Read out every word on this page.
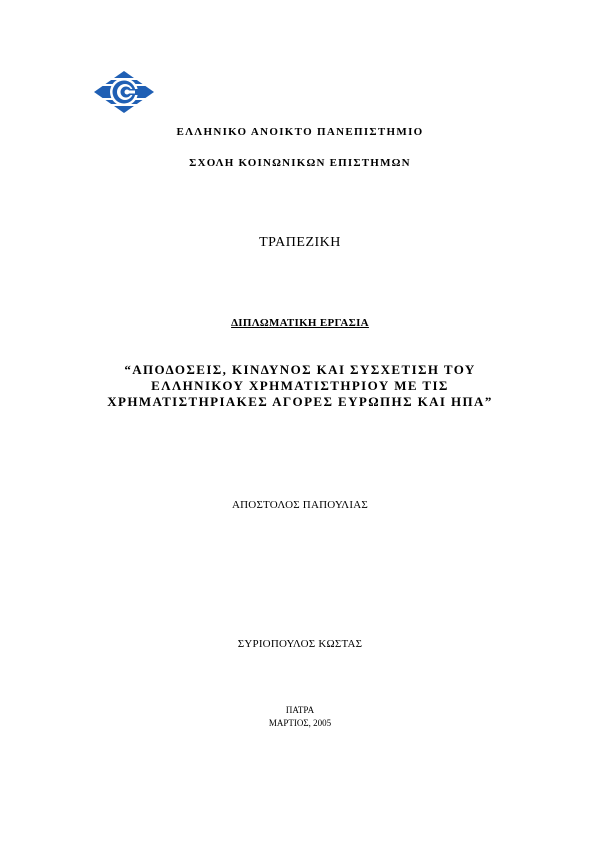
ΕΛΛΗΝΙΚΟ ΑΝΟΙΚΤΟ ΠΑΝΕΠΙΣΤΗΜΙΟ
ΣΧΟΛΗ ΚΟΙΝΩΝΙΚΩΝ ΕΠΙΣΤΗΜΩΝ
ΤΡΑΠΕΖΙΚΗ
ΔΙΠΛΩΜΑΤΙΚΗ ΕΡΓΑΣΙΑ
“ΑΠΟΔΟΣΕΙΣ, ΚΙΝΔΥΝΟΣ ΚΑΙ ΣΥΣΧΕΤΙΣΗ ΤΟΥ
ΕΛΛΗΝΙΚΟΥ ΧΡΗΜΑΤΙΣΤΗΡΙΟΥ ΜΕ ΤΙΣ
ΧΡΗΜΑΤΙΣΤΗΡΙΑΚΕΣ ΑΓΟΡΕΣ ΕΥΡΩΠΗΣ ΚΑΙ ΗΠΑ”
ΑΠΟΣΤΟΛΟΣ ΠΑΠΟΥΛΙΑΣ
ΣΥΡΙΟΠΟΥΛΟΣ ΚΩΣΤΑΣ
ΠΑΤΡΑ
ΜΑΡΤΙΟΣ, 2005
